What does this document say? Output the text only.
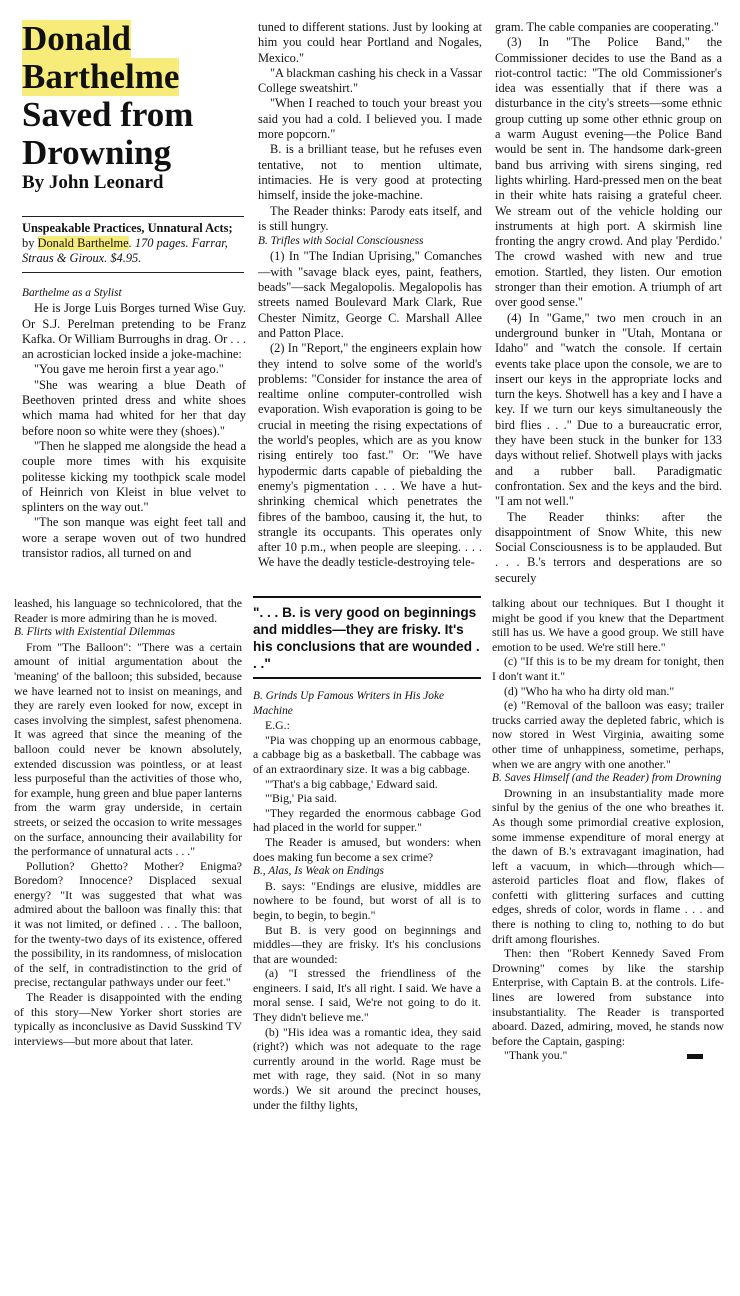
Donald
Barthelme
Saved from
Drowning
By John Leonard
Unspeakable Practices, Unnatural Acts;
by Donald Barthelme. 170 pages. Farrar, Straus & Giroux. $4.95.

Barthelme as a Stylist

He is Jorge Luis Borges turned Wise Guy. Or S.J. Perelman pretending to be Franz Kafka. Or William Burroughs in drag. Or . . . an acrostician locked inside a joke-machine:

"You gave me heroin first a year ago."

"She was wearing a blue Death of Beethoven printed dress and white shoes which mama had whited for her that day before noon so white were they (shoes)."

"Then he slapped me alongside the head a couple more times with his exquisite politesse kicking my toothpick scale model of Heinrich von Kleist in blue velvet to splinters on the way out."

"The son manque was eight feet tall and wore a serape woven out of two hundred transistor radios, all turned on and

tuned to different stations. Just by looking at him you could hear Portland and Nogales, Mexico."

"A blackman cashing his check in a Vassar College sweatshirt."

"When I reached to touch your breast you said you had a cold. I believed you. I made more popcorn."

B. is a brilliant tease, but he refuses even tentative, not to mention ultimate, intimacies. He is very good at protecting himself, inside the joke-machine.

The Reader thinks: Parody eats itself, and is still hungry.

B. Trifles with Social Consciousness

(1) In "The Indian Uprising," Comanches—with "savage black eyes, paint, feathers, beads"—sack Megalopolis. Megalopolis has streets named Boulevard Mark Clark, Rue Chester Nimitz, George C. Marshall Allee and Patton Place.

(2) In "Report," the engineers explain how they intend to solve some of the world's problems: "Consider for instance the area of realtime online computer-controlled wish evaporation. Wish evaporation is going to be crucial in meeting the rising expectations of the world's peoples, which are as you know rising entirely too fast." Or: "We have hypodermic darts capable of piebalding the enemy's pigmentation . . . We have a hut-shrinking chemical which penetrates the fibres of the bamboo, causing it, the hut, to strangle its occupants. This operates only after 10 p.m., when people are sleeping. . . . We have the deadly testicle-destroying tele-

gram. The cable companies are cooperating."

(3) In "The Police Band," the Commissioner decides to use the Band as a riot-control tactic: "The old Commissioner's idea was essentially that if there was a disturbance in the city's streets—some ethnic group cutting up some other ethnic group on a warm August evening—the Police Band would be sent in. The handsome dark-green band bus arriving with sirens singing, red lights whirling. Hard-pressed men on the beat in their white hats raising a grateful cheer. We stream out of the vehicle holding our instruments at high port. A skirmish line fronting the angry crowd. And play 'Perdido.' The crowd washed with new and true emotion. Startled, they listen. Our emotion stronger than their emotion. A triumph of art over good sense."

(4) In "Game," two men crouch in an underground bunker in "Utah, Montana or Idaho" and "watch the console. If certain events take place upon the console, we are to insert our keys in the appropriate locks and turn the keys. Shotwell has a key and I have a key. If we turn our keys simultaneously the bird flies . . ." Due to a bureaucratic error, they have been stuck in the bunker for 133 days without relief. Shotwell plays with jacks and a rubber ball. Paradigmatic confrontation. Sex and the keys and the bird. "I am not well."

The Reader thinks: after the disappointment of Snow White, this new Social Consciousness is to be applauded. But . . . B.'s terrors and desperations are so securely

leashed, his language so technicolored, that the Reader is more admiring than he is moved.

B. Flirts with Existential Dilemmas

From "The Balloon": "There was a certain amount of initial argumentation about the 'meaning' of the balloon; this subsided, because we have learned not to insist on meanings, and they are rarely even looked for now, except in cases involving the simplest, safest phenomena. It was agreed that since the meaning of the balloon could never be known absolutely, extended discussion was pointless, or at least less purposeful than the activities of those who, for example, hung green and blue paper lanterns from the warm gray underside, in certain streets, or seized the occasion to write messages on the surface, announcing their availability for the performance of unnatural acts . . ."

Pollution? Ghetto? Mother? Enigma? Boredom? Innocence? Displaced sexual energy? "It was suggested that what was admired about the balloon was finally this: that it was not limited, or defined . . . The balloon, for the twenty-two days of its existence, offered the possibility, in its randomness, of mislocation of the self, in contradistinction to the grid of precise, rectangular pathways under our feet."

The Reader is disappointed with the ending of this story—New Yorker short stories are typically as inconclusive as David Susskind TV interviews—but more about that later.

". . . B. is very good on beginnings and middles—they are frisky. It's his conclusions that are wounded . . ."

B. Grinds Up Famous Writers in His Joke Machine

E.G.:

"Pia was chopping up an enormous cabbage, a cabbage big as a basketball. The cabbage was of an extraordinary size. It was a big cabbage.

"'That's a big cabbage,' Edward said.

"'Big,' Pia said.

"They regarded the enormous cabbage God had placed in the world for supper."

The Reader is amused, but wonders: when does making fun become a sex crime?

B., Alas, Is Weak on Endings

B. says: "Endings are elusive, middles are nowhere to be found, but worst of all is to begin, to begin, to begin."

But B. is very good on beginnings and middles—they are frisky. It's his conclusions that are wounded:

(a) "I stressed the friendliness of the engineers. I said, It's all right. I said. We have a moral sense. I said, We're not going to do it. They didn't believe me."

(b) "His idea was a romantic idea, they said (right?) which was not adequate to the rage currently around in the world. Rage must be met with rage, they said. (Not in so many words.) We sit around the precinct houses, under the filthy lights,

talking about our techniques. But I thought it might be good if you knew that the Department still has us. We have a good group. We still have emotion to be used. We're still here."

(c) "If this is to be my dream for tonight, then I don't want it."

(d) "Who ha who ha dirty old man."

(e) "Removal of the balloon was easy; trailer trucks carried away the depleted fabric, which is now stored in West Virginia, awaiting some other time of unhappiness, sometime, perhaps, when we are angry with one another."

B. Saves Himself (and the Reader) from Drowning

Drowning in an insubstantiality made more sinful by the genius of the one who breathes it. As though some primordial creative explosion, some immense expenditure of moral energy at the dawn of B.'s extravagant imagination, had left a vacuum, in which—through which—asteroid particles float and flow, flakes of confetti with glittering surfaces and cutting edges, shreds of color, words in flame . . . and there is nothing to cling to, nothing to do but drift among flourishes.

Then: then "Robert Kennedy Saved From Drowning" comes by like the starship Enterprise, with Captain B. at the controls. Life-lines are lowered from substance into insubstantiality. The Reader is transported aboard. Dazed, admiring, moved, he stands now before the Captain, gasping:

"Thank you."
